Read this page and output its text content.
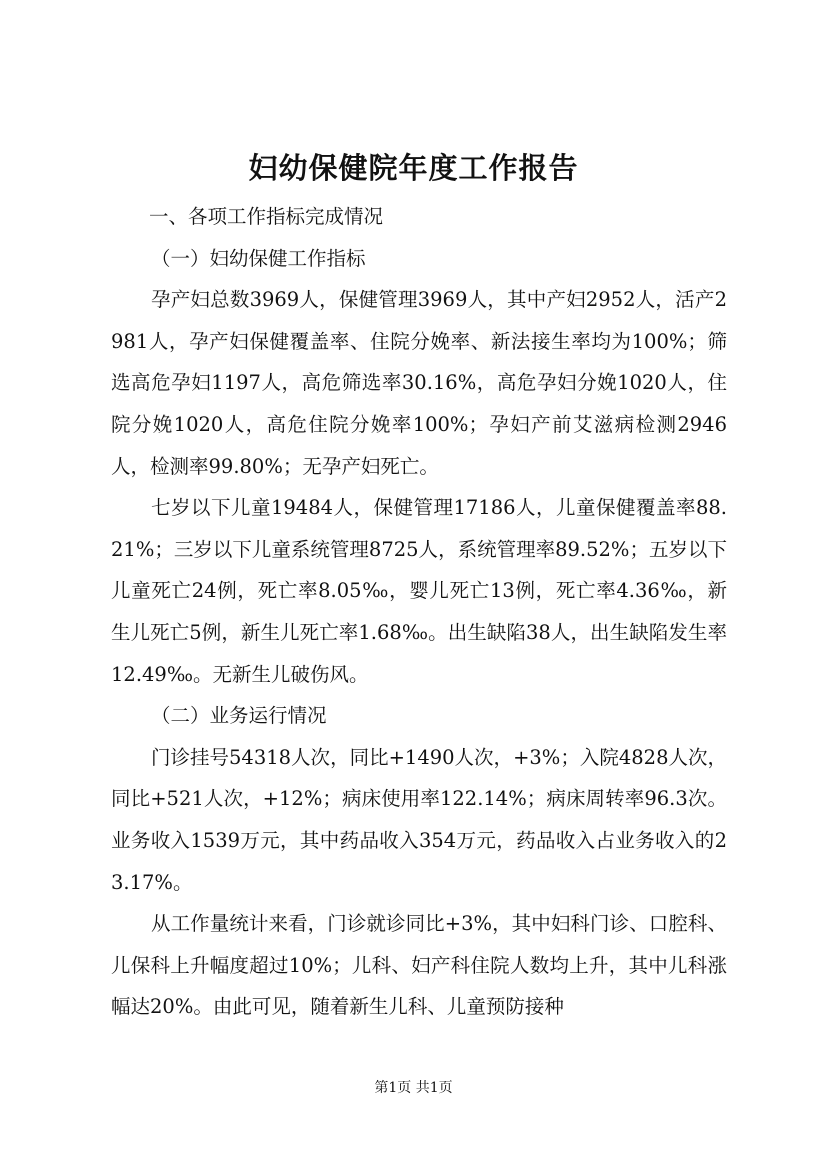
妇幼保健院年度工作报告

一、各项工作指标完成情况

（一）妇幼保健工作指标

孕产妇总数3969人，保健管理3969人，其中产妇2952人，活产2981人，孕产妇保健覆盖率、住院分娩率、新法接生率均为100%；筛选高危孕妇1197人，高危筛选率30.16%，高危孕妇分娩1020人，住院分娩1020人，高危住院分娩率100%；孕妇产前艾滋病检测2946人，检测率99.80%；无孕产妇死亡。

七岁以下儿童19484人，保健管理17186人，儿童保健覆盖率88.21%；三岁以下儿童系统管理8725人，系统管理率89.52%；五岁以下儿童死亡24例，死亡率8.05‰，婴儿死亡13例，死亡率4.36‰，新生儿死亡5例，新生儿死亡率1.68‰。出生缺陷38人，出生缺陷发生率12.49‰。无新生儿破伤风。

（二）业务运行情况

门诊挂号54318人次，同比+1490人次，+3%；入院4828人次，同比+521人次，+12%；病床使用率122.14%；病床周转率96.3次。业务收入1539万元，其中药品收入354万元，药品收入占业务收入的23.17%。

从工作量统计来看，门诊就诊同比+3%，其中妇科门诊、口腔科、儿保科上升幅度超过10%；儿科、妇产科住院人数均上升，其中儿科涨幅达20%。由此可见，随着新生儿科、儿童预防接种

第1页 共1页
